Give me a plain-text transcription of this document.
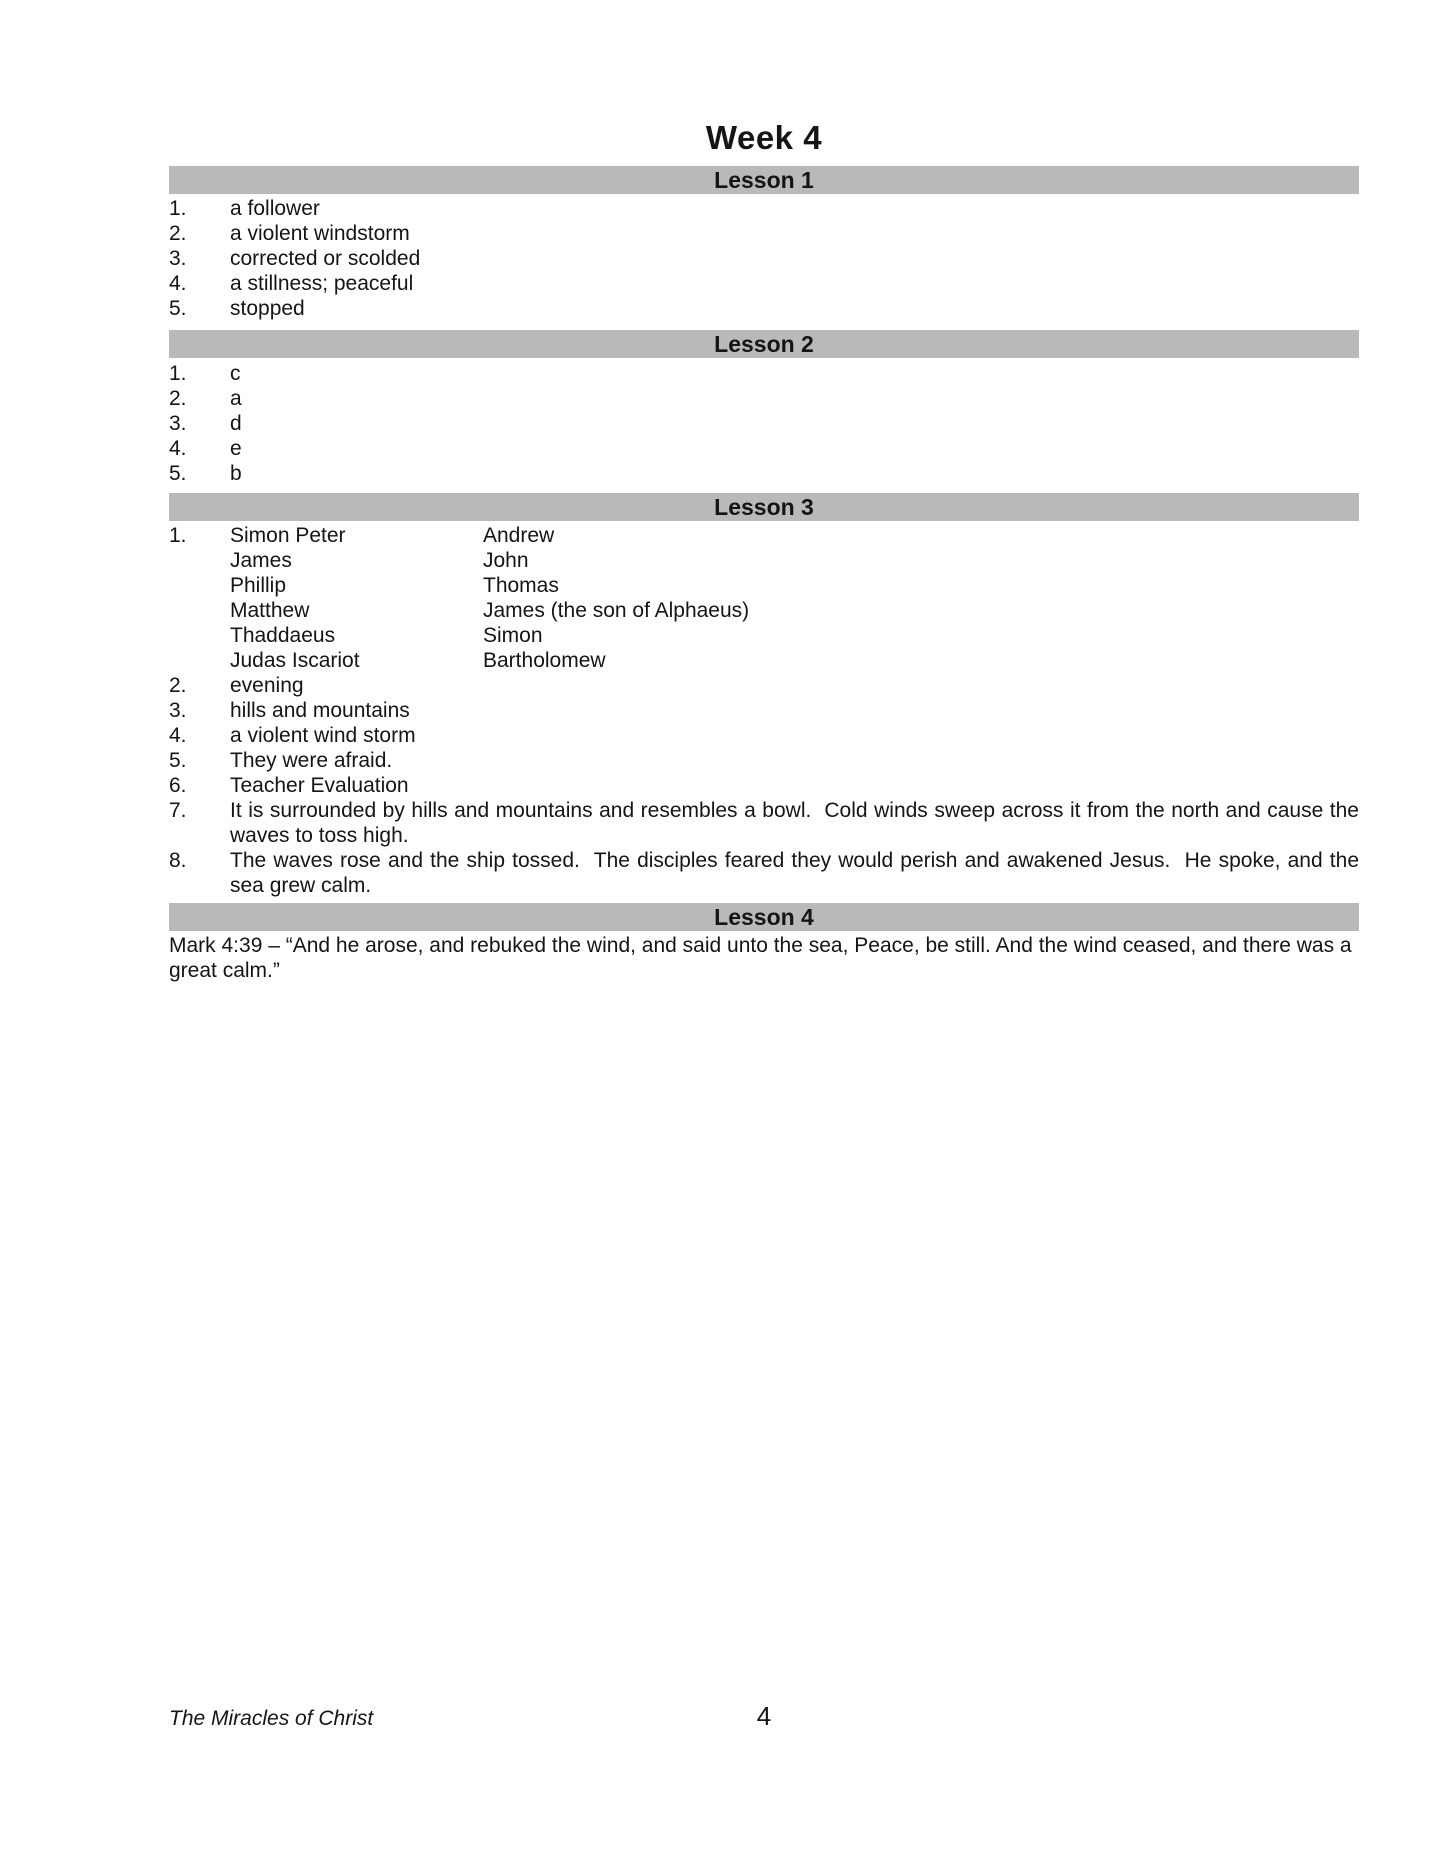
Week 4
Lesson 1
1.	a follower
2.	a violent windstorm
3.	corrected or scolded
4.	a stillness; peaceful
5.	stopped
Lesson 2
1.	c
2.	a
3.	d
4.	e
5.	b
Lesson 3
1.	Simon Peter	Andrew
James	John
Phillip	Thomas
Matthew	James (the son of Alphaeus)
Thaddaeus	Simon
Judas Iscariot	Bartholomew
2.	evening
3.	hills and mountains
4.	a violent wind storm
5.	They were afraid.
6.	Teacher Evaluation
7.	It is surrounded by hills and mountains and resembles a bowl.  Cold winds sweep across it from the north and cause the waves to toss high.
8.	The waves rose and the ship tossed.  The disciples feared they would perish and awakened Jesus.  He spoke, and the sea grew calm.
Lesson 4
Mark 4:39 – “And he arose, and rebuked the wind, and said unto the sea, Peace, be still. And the wind ceased, and there was a great calm.”
The Miracles of Christ	4
